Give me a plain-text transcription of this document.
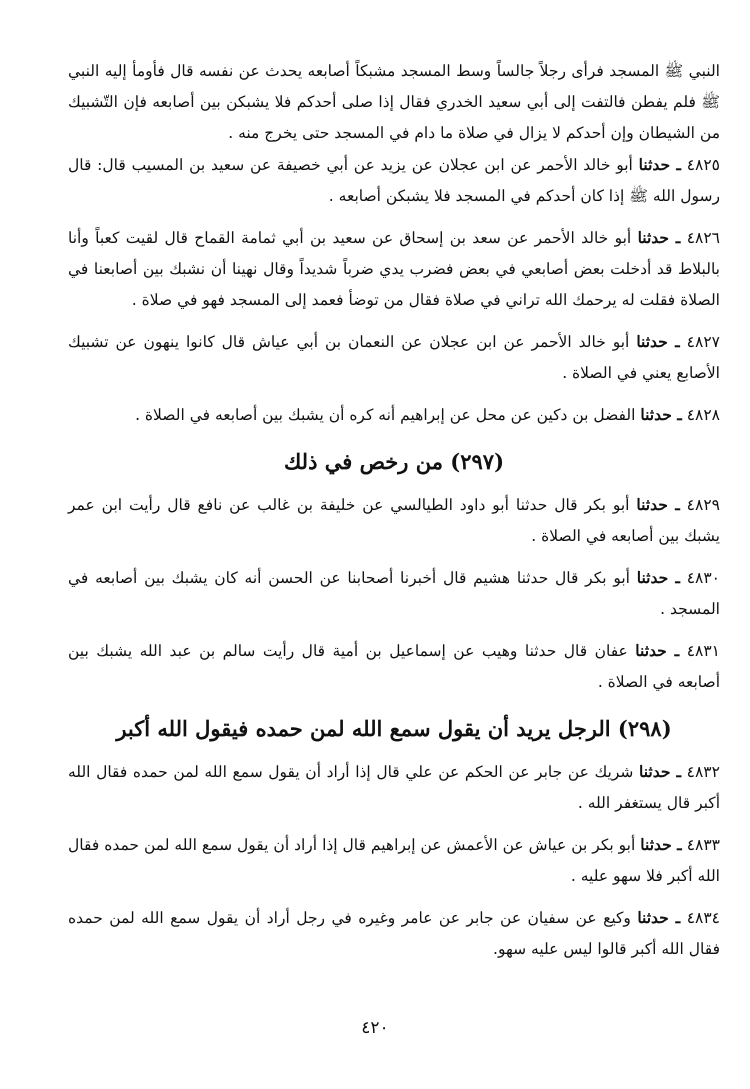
النبي ﷺ المسجد فرأى رجلاً جالساً وسط المسجد مشبكاً أصابعه يحدث عن نفسه قال فأومأ إليه النبي ﷺ فلم يفطن فالتفت إلى أبي سعيد الخدري فقال إذا صلى أحدكم فلا يشبكن بين أصابعه فإن التّشبيك من الشيطان وإن أحدكم لا يزال في صلاة ما دام في المسجد حتى يخرج منه .

٤٨٢٥ ـ حدثنا أبو خالد الأحمر عن ابن عجلان عن يزيد عن أبي خصيفة عن سعيد بن المسيب قال: قال رسول الله ﷺ إذا كان أحدكم في المسجد فلا يشبكن أصابعه .

٤٨٢٦ ـ حدثنا أبو خالد الأحمر عن سعد بن إسحاق عن سعيد بن أبي ثمامة القماح قال لقيت كعباً وأنا بالبلاط قد أدخلت بعض أصابعي في بعض فضرب يدي ضرباً شديداً وقال نهينا أن نشبك بين أصابعنا في الصلاة فقلت له يرحمك الله تراني في صلاة فقال من توضأ فعمد إلى المسجد فهو في صلاة .

٤٨٢٧ ـ حدثنا أبو خالد الأحمر عن ابن عجلان عن النعمان بن أبي عياش قال كانوا ينهون عن تشبيك الأصابع يعني في الصلاة .

٤٨٢٨ ـ حدثنا الفضل بن دكين عن محل عن إبراهيم أنه كره أن يشبك بين أصابعه في الصلاة .

(٢٩٧) من رخص في ذلك

٤٨٢٩ ـ حدثنا أبو بكر قال حدثنا أبو داود الطيالسي عن خليفة بن غالب عن نافع قال رأيت ابن عمر يشبك بين أصابعه في الصلاة .

٤٨٣٠ ـ حدثنا أبو بكر قال حدثنا هشيم قال أخبرنا أصحابنا عن الحسن أنه كان يشبك بين أصابعه في المسجد .

٤٨٣١ ـ حدثنا عفان قال حدثنا وهيب عن إسماعيل بن أمية قال رأيت سالم بن عبد الله يشبك بين أصابعه في الصلاة .

(٢٩٨) الرجل يريد أن يقول سمع الله لمن حمده فيقول الله أكبر

٤٨٣٢ ـ حدثنا شريك عن جابر عن الحكم عن علي قال إذا أراد أن يقول سمع الله لمن حمده فقال الله أكبر قال يستغفر الله .

٤٨٣٣ ـ حدثنا أبو بكر بن عياش عن الأعمش عن إبراهيم قال إذا أراد أن يقول سمع الله لمن حمده فقال الله أكبر فلا سهو عليه .

٤٨٣٤ ـ حدثنا وكيع عن سفيان عن جابر عن عامر وغيره في رجل أراد أن يقول سمع الله لمن حمده فقال الله أكبر قالوا ليس عليه سهو.

٤٢٠
